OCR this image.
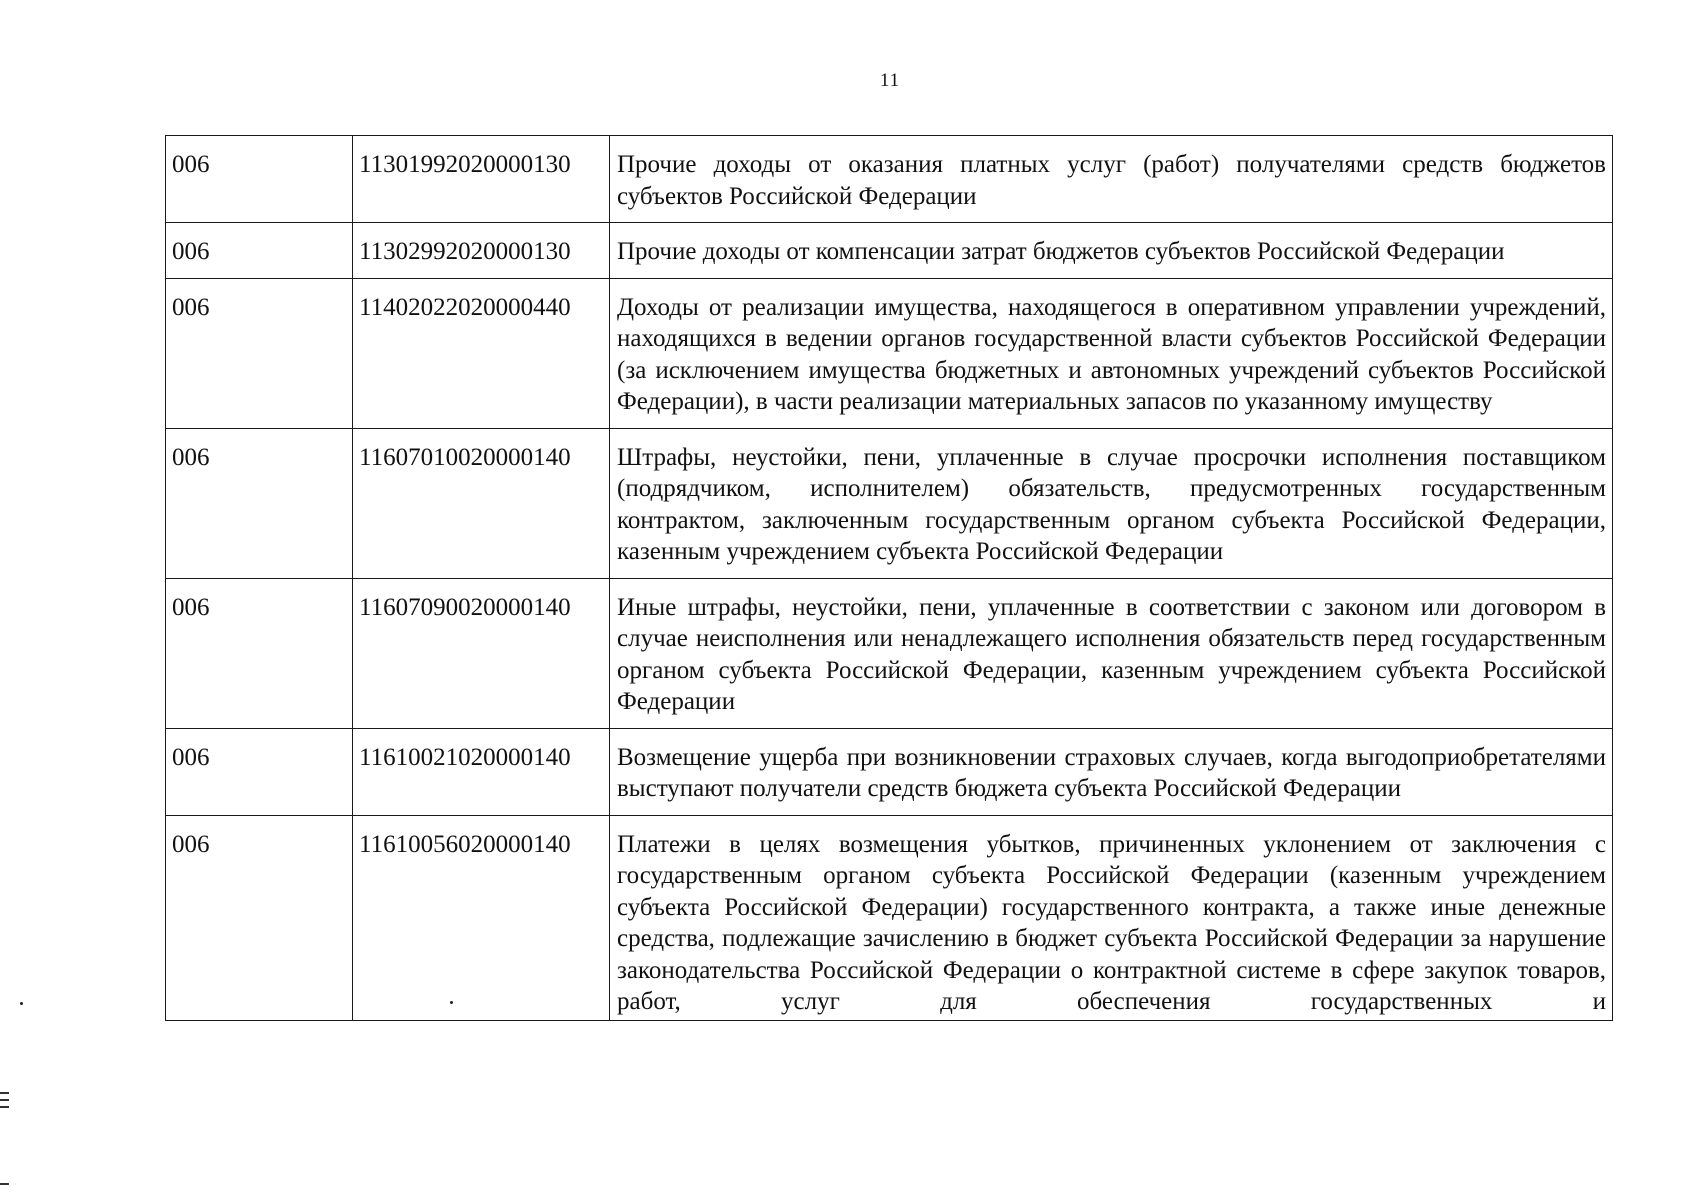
11
006	11301992020000130	Прочие доходы от оказания платных услуг (работ) получателями средств бюджетов субъектов Российской Федерации

006	11302992020000130	Прочие доходы от компенсации затрат бюджетов субъектов Российской Федерации

006	11402022020000440	Доходы от реализации имущества, находящегося в оперативном управлении учреждений, находящихся в ведении органов государственной власти субъектов Российской Федерации (за исключением имущества бюджетных и автономных учреждений субъектов Российской Федерации), в части реализации материальных запасов по указанному имуществу

006	11607010020000140	Штрафы, неустойки, пени, уплаченные в случае просрочки исполнения поставщиком (подрядчиком, исполнителем) обязательств, предусмотренных государственным контрактом, заключенным государственным органом субъекта Российской Федерации, казенным учреждением субъекта Российской Федерации

006	11607090020000140	Иные штрафы, неустойки, пени, уплаченные в соответствии с законом или договором в случае неисполнения или ненадлежащего исполнения обязательств перед государственным органом субъекта Российской Федерации, казенным учреждением субъекта Российской Федерации

006	11610021020000140	Возмещение ущерба при возникновении страховых случаев, когда выгодоприобретателями выступают получатели средств бюджета субъекта Российской Федерации

006	11610056020000140	Платежи в целях возмещения убытков, причиненных уклонением от заключения с государственным органом субъекта Российской Федерации (казенным учреждением субъекта Российской Федерации) государственного контракта, а также иные денежные средства, подлежащие зачислению в бюджет субъекта Российской Федерации за нарушение законодательства Российской Федерации о контрактной системе в сфере закупок товаров, работ, услуг для обеспечения государственных и
